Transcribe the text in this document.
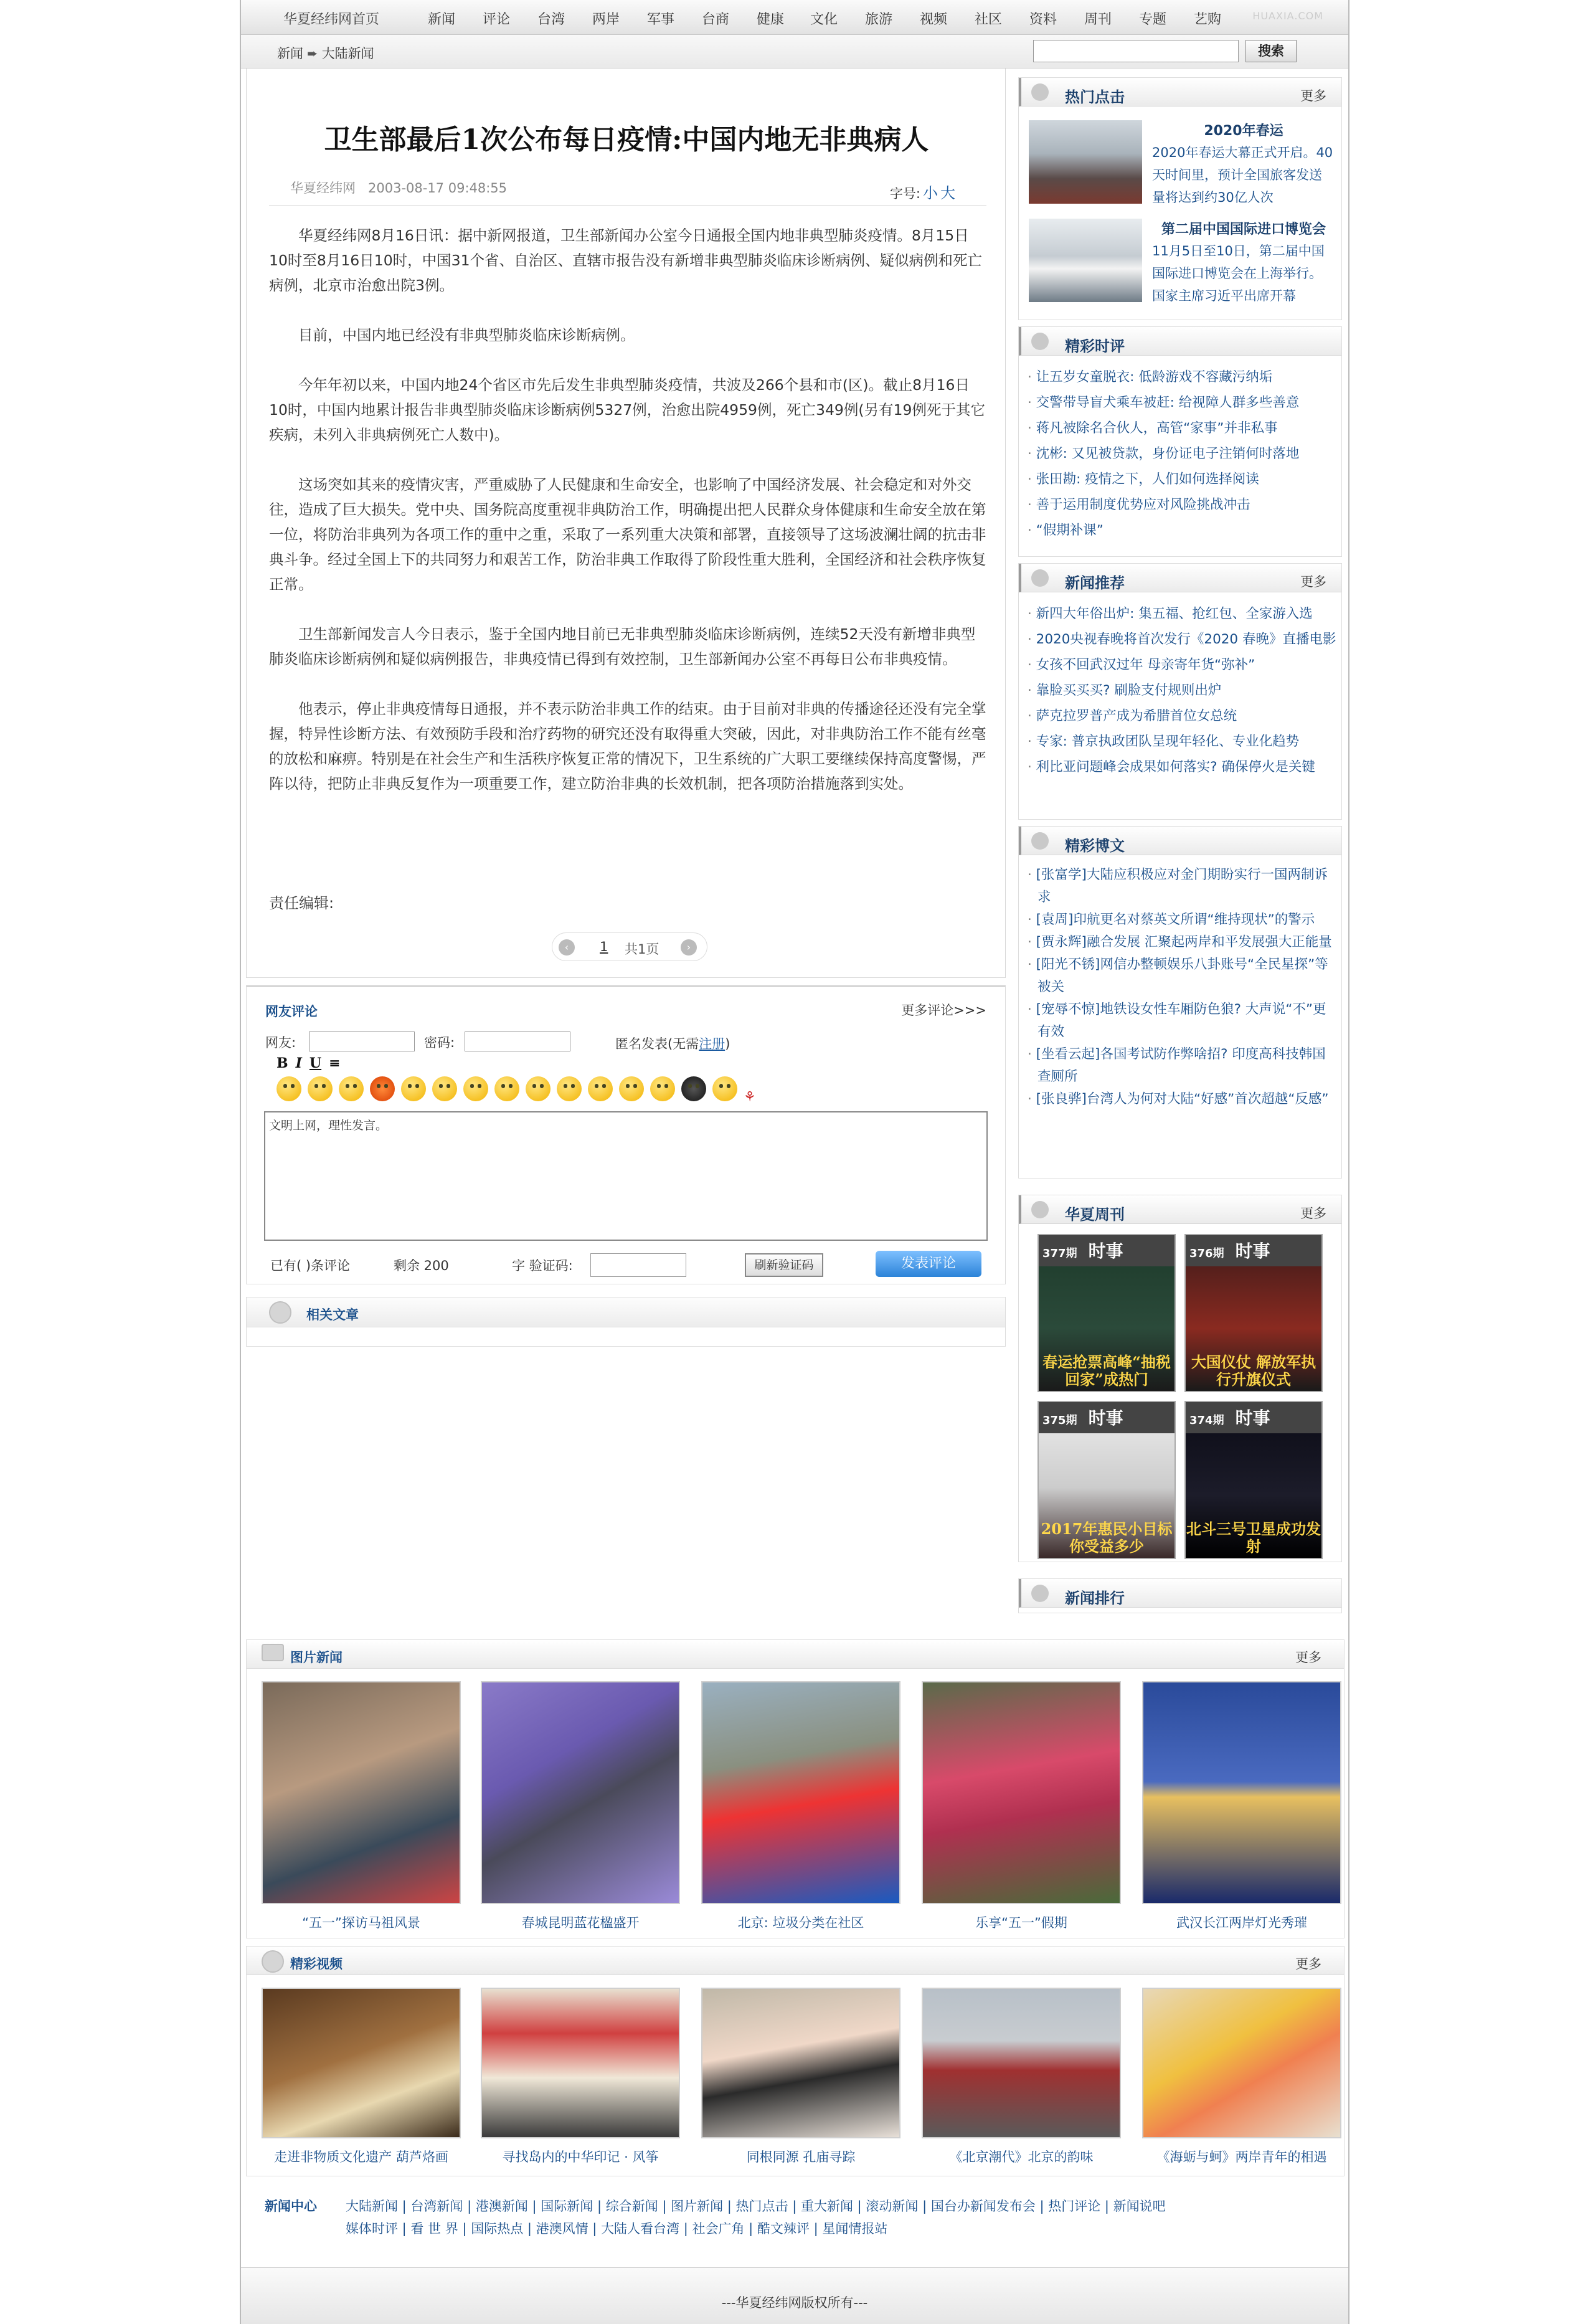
华夏经纬网首页	新闻 评论 台湾 两岸 军事 台商 健康 文化 旅游 视频 社区 资料 周刊 专题 艺购	HUAXIA.COM
新闻 ➨ 大陆新闻	搜索
卫生部最后1次公布每日疫情:中国内地无非典病人
华夏经纬网 2003-08-17 09:48:55	字号: 小 大

华夏经纬网8月16日讯：据中新网报道，卫生部新闻办公室今日通报全国内地非典型肺炎疫情。8月15日10时至8月16日10时，中国31个省、自治区、直辖市报告没有新增非典型肺炎临床诊断病例、疑似病例和死亡病例，北京市治愈出院3例。

目前，中国内地已经没有非典型肺炎临床诊断病例。

今年年初以来，中国内地24个省区市先后发生非典型肺炎疫情，共波及266个县和市(区)。截止8月16日10时，中国内地累计报告非典型肺炎临床诊断病例5327例，治愈出院4959例，死亡349例(另有19例死于其它疾病，未列入非典病例死亡人数中)。

这场突如其来的疫情灾害，严重威胁了人民健康和生命安全，也影响了中国经济发展、社会稳定和对外交往，造成了巨大损失。党中央、国务院高度重视非典防治工作，明确提出把人民群众身体健康和生命安全放在第一位，将防治非典列为各项工作的重中之重，采取了一系列重大决策和部署，直接领导了这场波澜壮阔的抗击非典斗争。经过全国上下的共同努力和艰苦工作，防治非典工作取得了阶段性重大胜利，全国经济和社会秩序恢复正常。

卫生部新闻发言人今日表示，鉴于全国内地目前已无非典型肺炎临床诊断病例，连续52天没有新增非典型肺炎临床诊断病例和疑似病例报告，非典疫情已得到有效控制，卫生部新闻办公室不再每日公布非典疫情。

他表示，停止非典疫情每日通报，并不表示防治非典工作的结束。由于目前对非典的传播途径还没有完全掌握，特异性诊断方法、有效预防手段和治疗药物的研究还没有取得重大突破，因此，对非典防治工作不能有丝毫的放松和麻痹。特别是在社会生产和生活秩序恢复正常的情况下，卫生系统的广大职工要继续保持高度警惕，严阵以待，把防止非典反复作为一项重要工作，建立防治非典的长效机制，把各项防治措施落到实处。

责任编辑:
‹	1 共1页	›
网友评论	更多评论>>>
网友:	密码:	匿名发表(无需注册)
B I U ≡
⚘
文明上网，理性发言。
已有( )条评论	剩余 200	字 验证码:	刷新验证码	发表评论
相关文章
热门点击	更多
2020年春运
2020年春运大幕正式开启。40天时间里，预计全国旅客发送量将达到约30亿人次
第二届中国国际进口博览会
11月5日至10日，第二届中国国际进口博览会在上海举行。国家主席习近平出席开幕
精彩时评
· 让五岁女童脱衣: 低龄游戏不容藏污纳垢
· 交警带导盲犬乘车被赶: 给视障人群多些善意
· 蒋凡被除名合伙人，高管“家事”并非私事
· 沈彬: 又见被贷款，身份证电子注销何时落地
· 张田勘: 疫情之下，人们如何选择阅读
· 善于运用制度优势应对风险挑战冲击
· “假期补课”
新闻推荐	更多
· 新四大年俗出炉: 集五福、抢红包、全家游入选
· 2020央视春晚将首次发行《2020 春晚》直播电影
· 女孩不回武汉过年 母亲寄年货“弥补”
· 靠脸买买买? 刷脸支付规则出炉
· 萨克拉罗普产成为希腊首位女总统
· 专家: 普京执政团队呈现年轻化、专业化趋势
· 利比亚问题峰会成果如何落实? 确保停火是关键
精彩博文
· [张富学]大陆应积极应对金门期盼实行一国两制诉求
· [袁周]印航更名对蔡英文所谓“维持现状”的警示
· [贾永辉]融合发展 汇聚起两岸和平发展强大正能量
· [阳光不锈]网信办整顿娱乐八卦账号“全民星探”等被关
· [宠辱不惊]地铁设女性车厢防色狼? 大声说“不”更有效
· [坐看云起]各国考试防作弊啥招? 印度高科技韩国查厕所
· [张良骅]台湾人为何对大陆“好感”首次超越“反感”
华夏周刊	更多
377期 时事
春运抢票高峰“抽税回家”成热门
376期 时事
大国仪仗 解放军执行升旗仪式
375期 时事
2017年惠民小目标你受益多少
374期 时事
北斗三号卫星成功发射
新闻排行
图片新闻	更多
“五一”探访马祖风景	春城昆明蓝花楹盛开	北京: 垃圾分类在社区	乐享“五一”假期	武汉长江两岸灯光秀璀
精彩视频	更多
走进非物质文化遗产 葫芦烙画	寻找岛内的中华印记 · 风筝	同根同源 孔庙寻踪	《北京潮代》北京的韵味	《海蛎与蚵》两岸青年的相遇
新闻中心 大陆新闻 | 台湾新闻 | 港澳新闻 | 国际新闻 | 综合新闻 | 图片新闻 | 热门点击 | 重大新闻 | 滚动新闻 | 国台办新闻发布会 | 热门评论 | 新闻说吧
媒体时评 | 看 世 界 | 国际热点 | 港澳风情 | 大陆人看台湾 | 社会广角 | 酷文辣评 | 星闻情报站
---华夏经纬网版权所有---
